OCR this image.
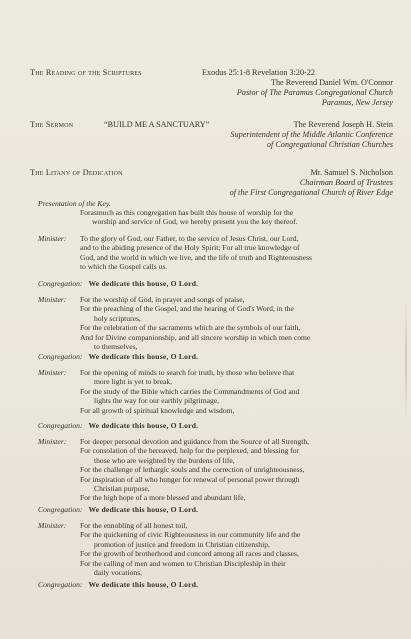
The Reading of the Scriptures	Exodus 25:1-8 Revelation 3:20-22
The Reverend Daniel Wm. O'Connor
Pastor of The Paramus Congregational Church
Paramus, New Jersey
The Sermon	“BUILD ME A SANCTUARY”	The Reverend Joseph H. Stein
Superintendent of the Middle Atlantic Conference
of Congregational Christian Churches
The Litany of Dedication	Mr. Samuel S. Nicholson
Chairman Board of Trustees
of the First Congregational Church of River Edge
Presentation of the Key.

Forasmuch as this congregation has built this house of worship for the

worship and service of God, we hereby present you the key thereof.

Minister: To the glory of God, our Father, to the service of Jesus Christ, our Lord,

and to the abiding presence of the Holy Spirit; For all true knowledge of

God, and the world in which we live, and the life of truth and Righteousness

to which the Gospel calls us.

Congregation: We dedicate this house, O Lord.
Minister: For the worship of God, in prayer and songs of praise,

For the preaching of the Gospel, and the hearing of God's Word, in the

holy scriptures,

For the celebration of the sacraments which are the symbols of our faith,

And for Divine companionship, and all sincere worship in which men come

to themselves,

Congregation: We dedicate this house, O Lord.
Minister: For the opening of minds to search for truth, by those who believe that

more light is yet to break,

For the study of the Bible which carries the Commandments of God and

lights the way for our earthly pilgrimage,

For all growth of spiritual knowledge and wisdom,

Congregation: We dedicate this house, O Lord.
Minister: For deeper personal devotion and guidance from the Source of all Strength,

For consolation of the bereaved, help for the perplexed, and blessing for

those who are weighted by the burdens of life,

For the challenge of lethargic souls and the correction of unrighteousness,

For inspiration of all who hunger for renewal of personal power through

Christian purpose,

For the high hope of a more blessed and abundant life,

Congregation: We dedicate this house, O Lord.
Minister: For the ennobling of all honest toil,

For the quickening of civic Righteousness in our community life and the

promotion of justice and freedom in Christian citizenship,

For the growth of brotherhood and concord among all races and classes,

For the calling of men and women to Christian Discipleship in their

daily vocations,

Congregation: We dedicate this house, O Lord.
